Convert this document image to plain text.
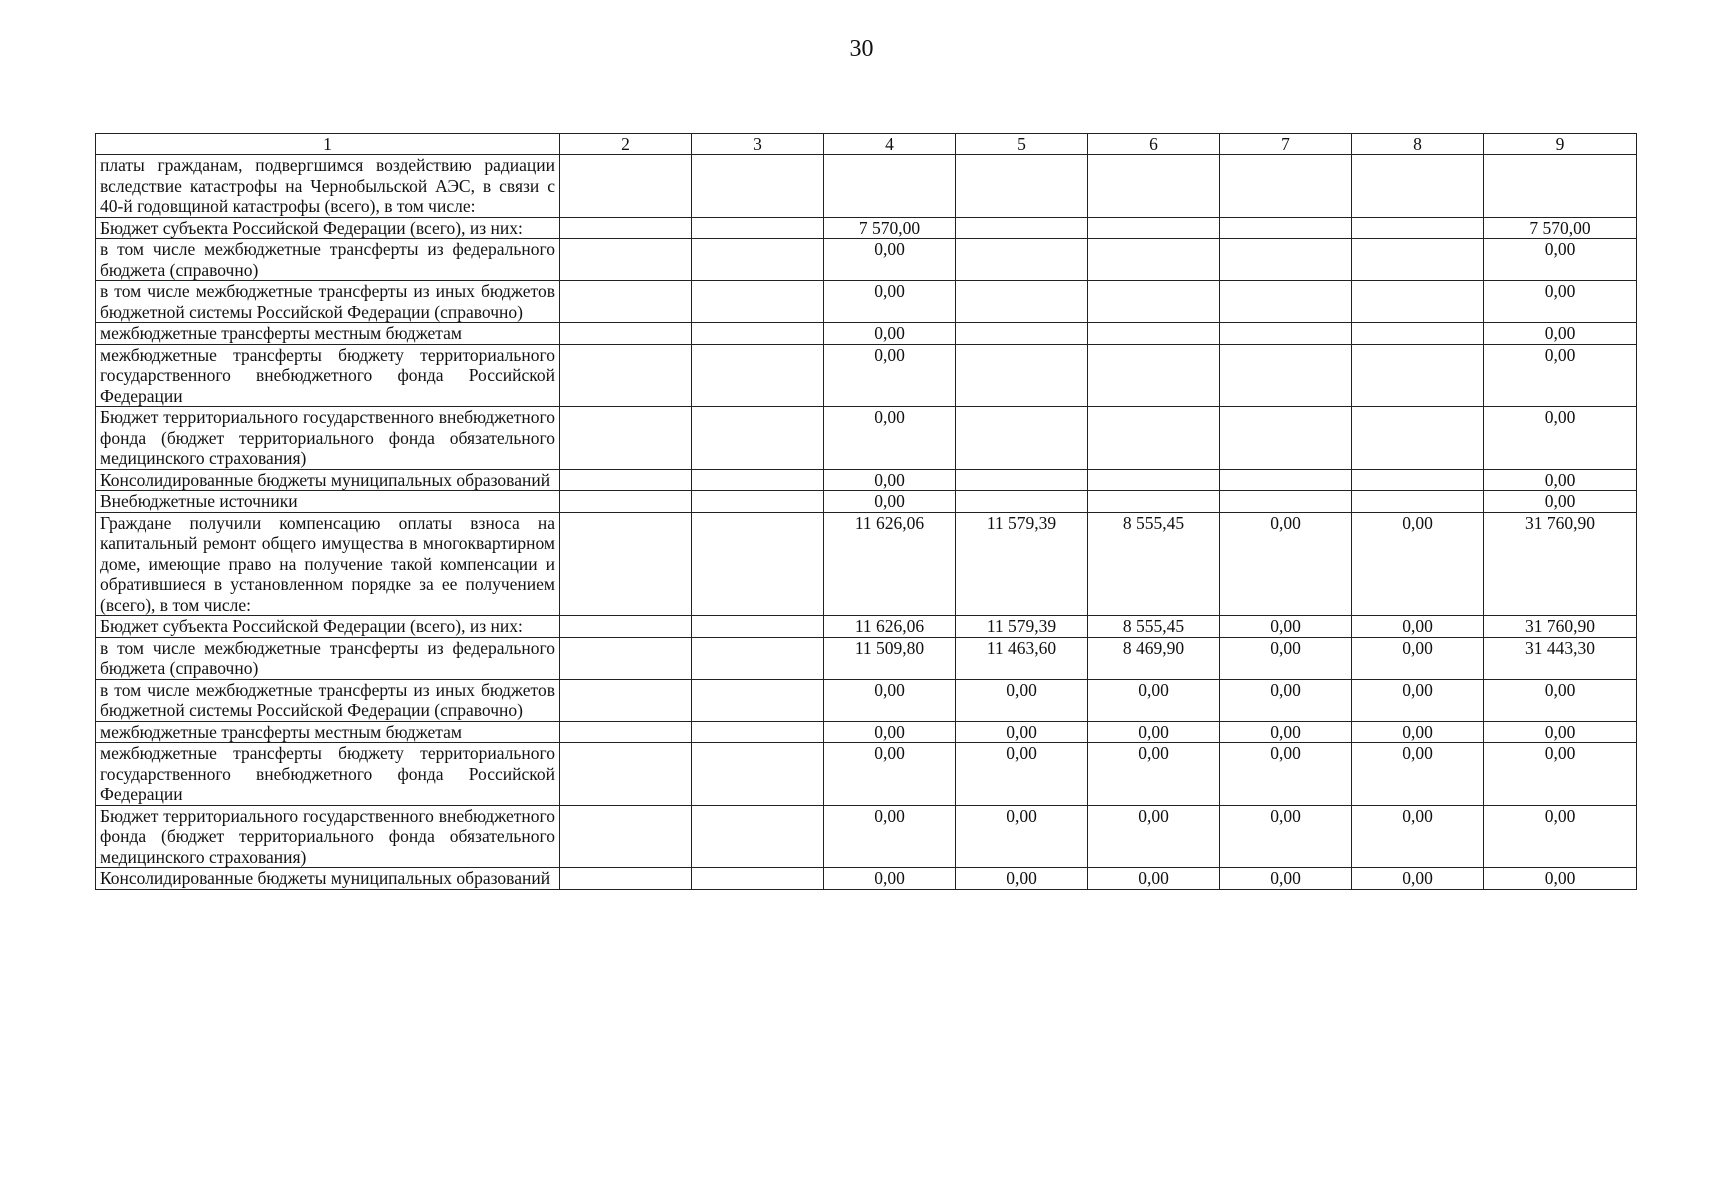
30
1	2	3	4	5	6	7	8	9
платы гражданам, подвергшимся воздействию радиации вследствие катастрофы на Чернобыльской АЭС, в связи с 40-й годовщиной катастрофы (всего), в том числе:								
Бюджет субъекта Российской Федерации (всего), из них:			7 570,00					7 570,00
в том числе межбюджетные трансферты из федерального бюджета (справочно)			0,00					0,00
в том числе межбюджетные трансферты из иных бюджетов бюджетной системы Российской Федерации (справочно)			0,00					0,00
межбюджетные трансферты местным бюджетам			0,00					0,00
межбюджетные трансферты бюджету территориального государственного внебюджетного фонда Российской Федерации			0,00					0,00
Бюджет территориального государственного внебюджетного фонда (бюджет территориального фонда обязательного медицинского страхования)			0,00					0,00
Консолидированные бюджеты муниципальных образований			0,00					0,00
Внебюджетные источники			0,00					0,00
Граждане получили компенсацию оплаты взноса на капитальный ремонт общего имущества в многоквартирном доме, имеющие право на получение такой компенсации и обратившиеся в установленном порядке за ее получением (всего), в том числе:			11 626,06	11 579,39	8 555,45	0,00	0,00	31 760,90
Бюджет субъекта Российской Федерации (всего), из них:			11 626,06	11 579,39	8 555,45	0,00	0,00	31 760,90
в том числе межбюджетные трансферты из федерального бюджета (справочно)			11 509,80	11 463,60	8 469,90	0,00	0,00	31 443,30
в том числе межбюджетные трансферты из иных бюджетов бюджетной системы Российской Федерации (справочно)			0,00	0,00	0,00	0,00	0,00	0,00
межбюджетные трансферты местным бюджетам			0,00	0,00	0,00	0,00	0,00	0,00
межбюджетные трансферты бюджету территориального государственного внебюджетного фонда Российской Федерации			0,00	0,00	0,00	0,00	0,00	0,00
Бюджет территориального государственного внебюджетного фонда (бюджет территориального фонда обязательного медицинского страхования)			0,00	0,00	0,00	0,00	0,00	0,00
Консолидированные бюджеты муниципальных образований			0,00	0,00	0,00	0,00	0,00	0,00
